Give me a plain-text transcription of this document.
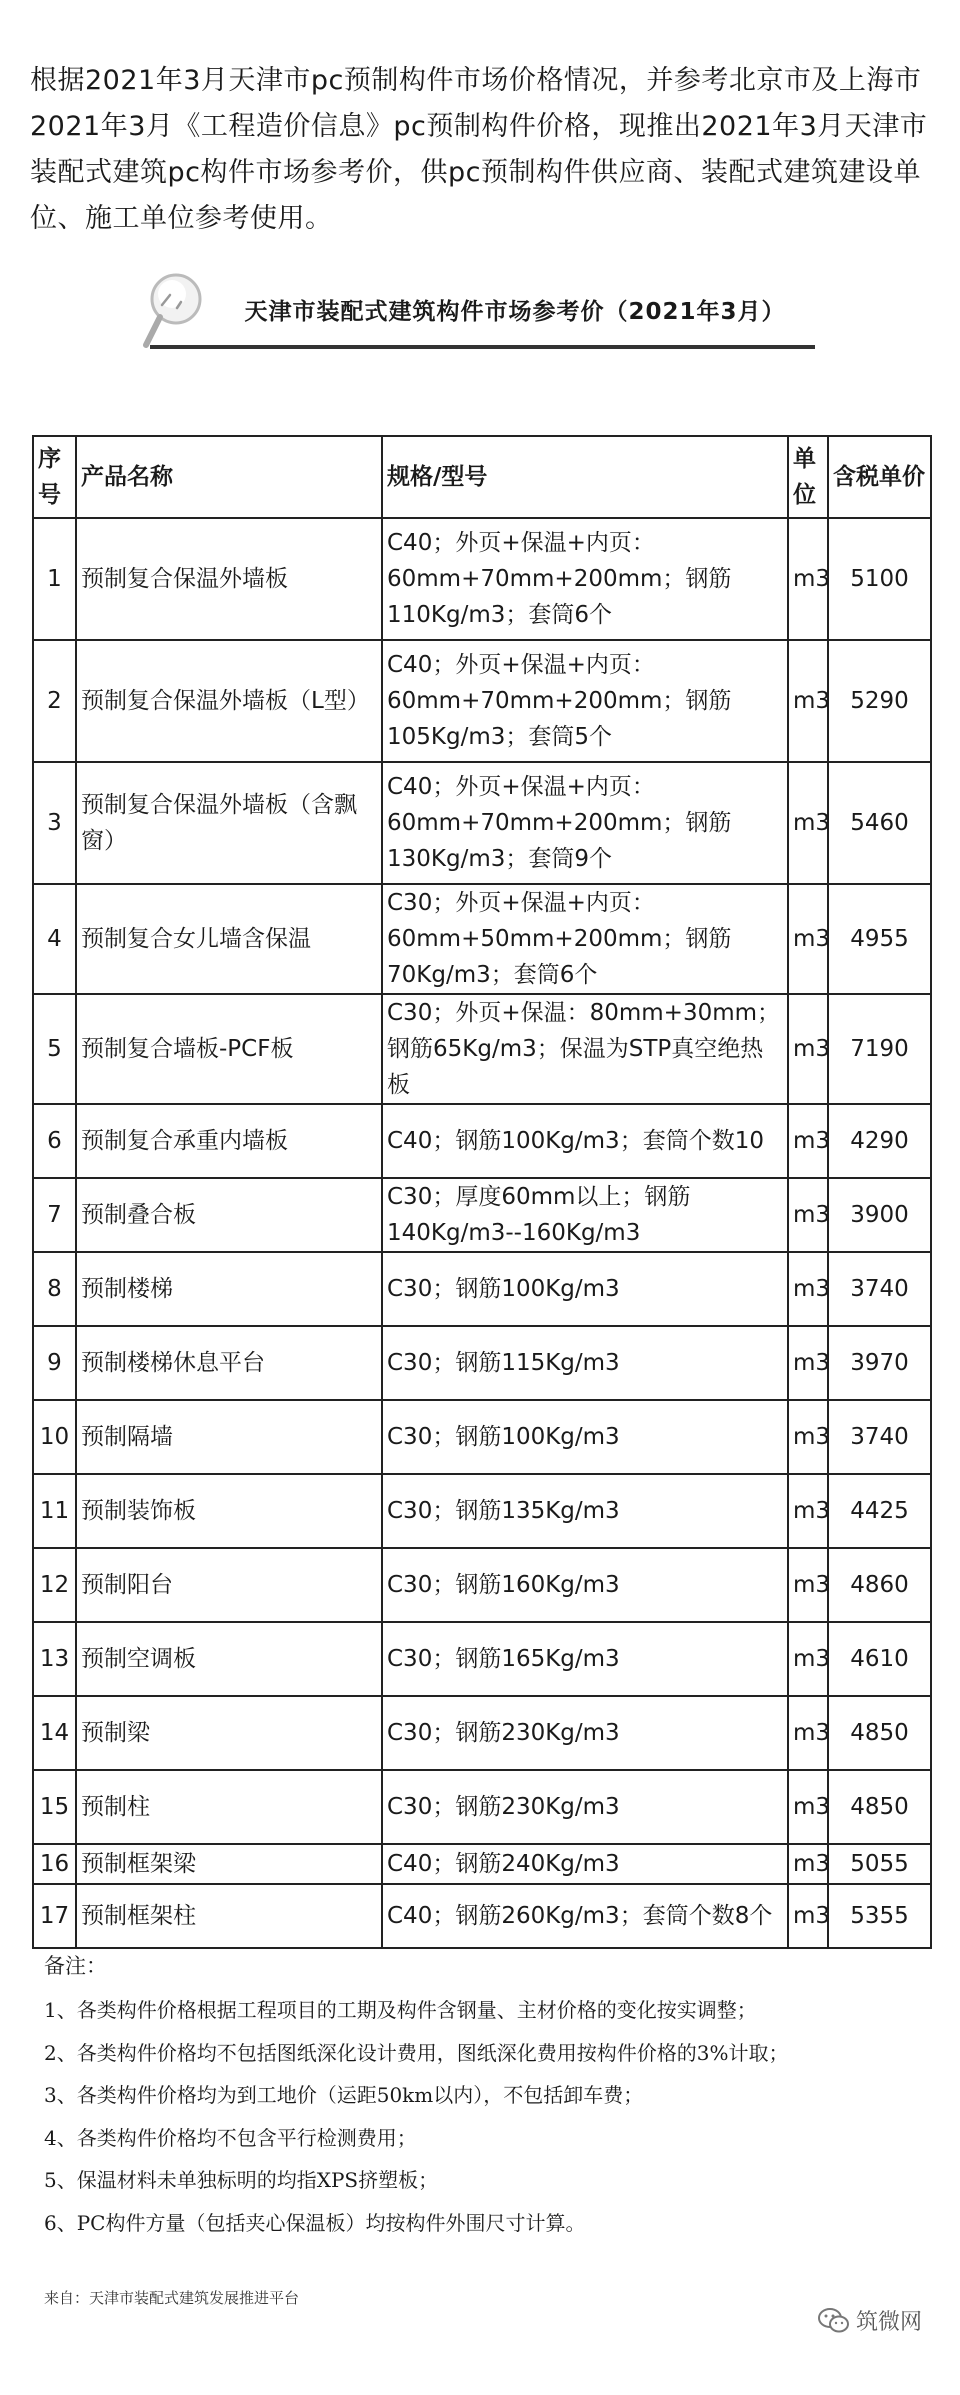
根据2021年3月天津市pc预制构件市场价格情况，并参考北京市及上海市2021年3月《工程造价信息》pc预制构件价格，现推出2021年3月天津市装配式建筑pc构件市场参考价，供pc预制构件供应商、装配式建筑建设单位、施工单位参考使用。

天津市装配式建筑构件市场参考价（2021年3月）
序号	产品名称	规格/型号	单位	含税单价
1	预制复合保温外墙板	C40；外页+保温+内页：60mm+70mm+200mm；钢筋110Kg/m3；套筒6个	m3	5100
2	预制复合保温外墙板（L型）	C40；外页+保温+内页：60mm+70mm+200mm；钢筋105Kg/m3；套筒5个	m3	5290
3	预制复合保温外墙板（含飘窗）	C40；外页+保温+内页：60mm+70mm+200mm；钢筋130Kg/m3；套筒9个	m3	5460
4	预制复合女儿墙含保温	C30；外页+保温+内页：60mm+50mm+200mm；钢筋70Kg/m3；套筒6个	m3	4955
5	预制复合墙板-PCF板	C30；外页+保温：80mm+30mm；钢筋65Kg/m3；保温为STP真空绝热板	m3	7190
6	预制复合承重内墙板	C40；钢筋100Kg/m3；套筒个数10	m3	4290
7	预制叠合板	C30；厚度60mm以上；钢筋140Kg/m3--160Kg/m3	m3	3900
8	预制楼梯	C30；钢筋100Kg/m3	m3	3740
9	预制楼梯休息平台	C30；钢筋115Kg/m3	m3	3970
10	预制隔墙	C30；钢筋100Kg/m3	m3	3740
11	预制装饰板	C30；钢筋135Kg/m3	m3	4425
12	预制阳台	C30；钢筋160Kg/m3	m3	4860
13	预制空调板	C30；钢筋165Kg/m3	m3	4610
14	预制梁	C30；钢筋230Kg/m3	m3	4850
15	预制柱	C30；钢筋230Kg/m3	m3	4850
16	预制框架梁	C40；钢筋240Kg/m3	m3	5055
17	预制框架柱	C40；钢筋260Kg/m3；套筒个数8个	m3	5355
备注：
1、各类构件价格根据工程项目的工期及构件含钢量、主材价格的变化按实调整；
2、各类构件价格均不包括图纸深化设计费用，图纸深化费用按构件价格的3%计取；
3、各类构件价格均为到工地价（运距50km以内），不包括卸车费；
4、各类构件价格均不包含平行检测费用；
5、保温材料未单独标明的均指XPS挤塑板；
6、PC构件方量（包括夹心保温板）均按构件外围尺寸计算。
来自：天津市装配式建筑发展推进平台
筑微网
